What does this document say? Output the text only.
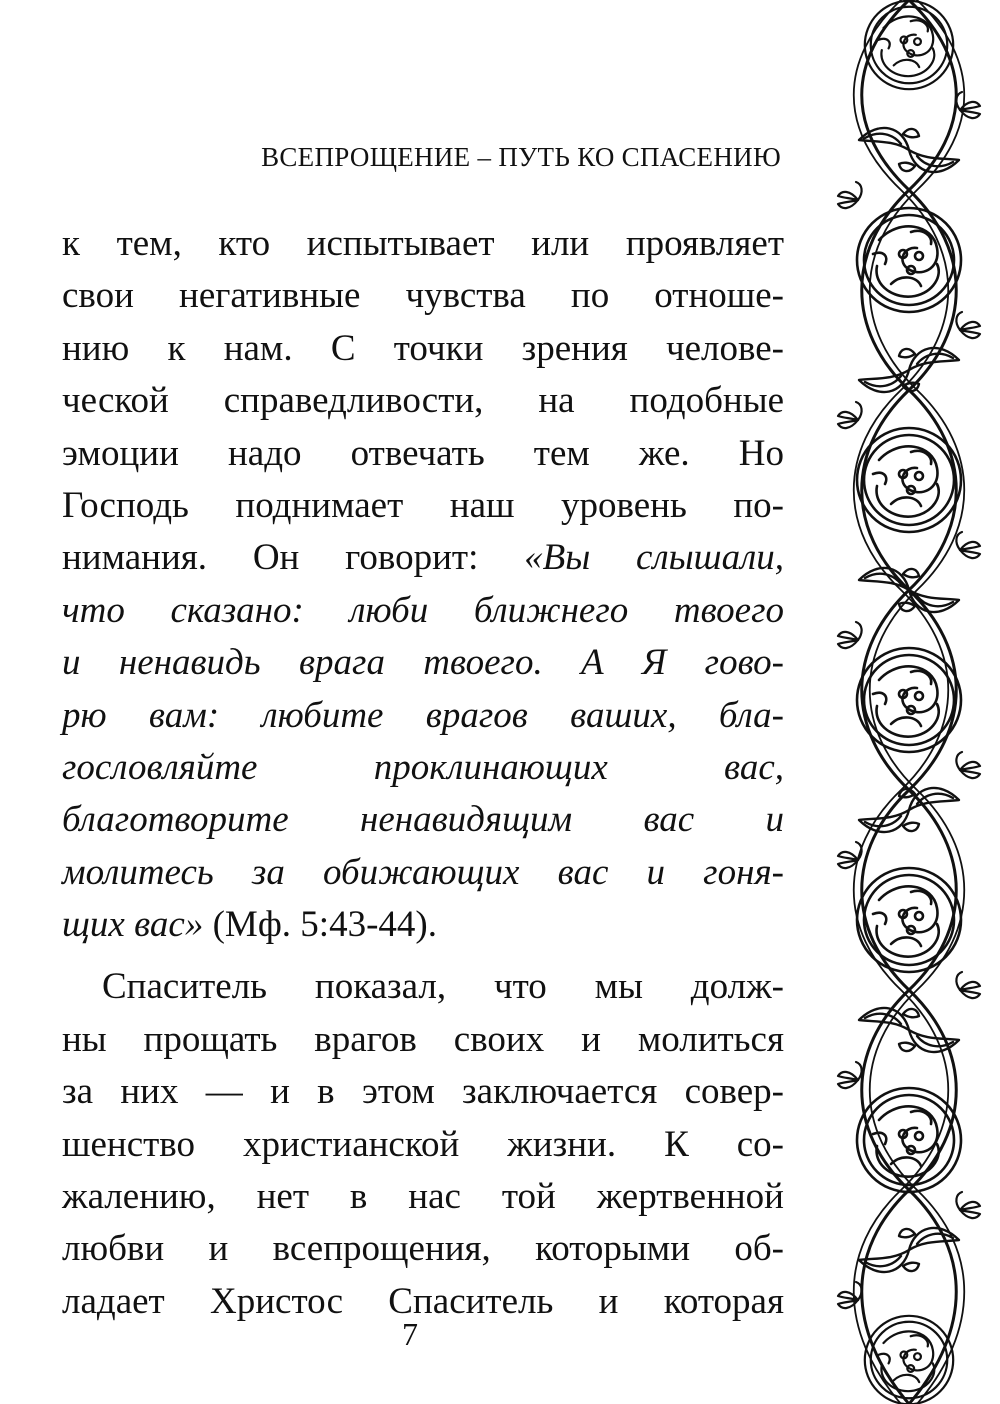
ВСЕПРОЩЕНИЕ – ПУТЬ КО СПАСЕНИЮ
к тем, кто испытывает или проявляет
свои негативные чувства по отноше-
нию к нам. С точки зрения челове-
ческой справедливости, на подобные
эмоции надо отвечать тем же. Но
Господь поднимает наш уровень по-
нимания. Он говорит: «Вы слышали,
что сказано: люби ближнего твоего
и ненавидь врага твоего. А Я гово-
рю вам: любите врагов ваших, бла-
гословляйте проклинающих вас,
благотворите ненавидящим вас и
молитесь за обижающих вас и гоня-
щих вас» (Мф. 5:43-44).
Спаситель показал, что мы долж-
ны прощать врагов своих и молиться
за них — и в этом заключается совер-
шенство христианской жизни. К со-
жалению, нет в нас той жертвенной
любви и всепрощения, которыми об-
ладает Христос Спаситель и которая
7
